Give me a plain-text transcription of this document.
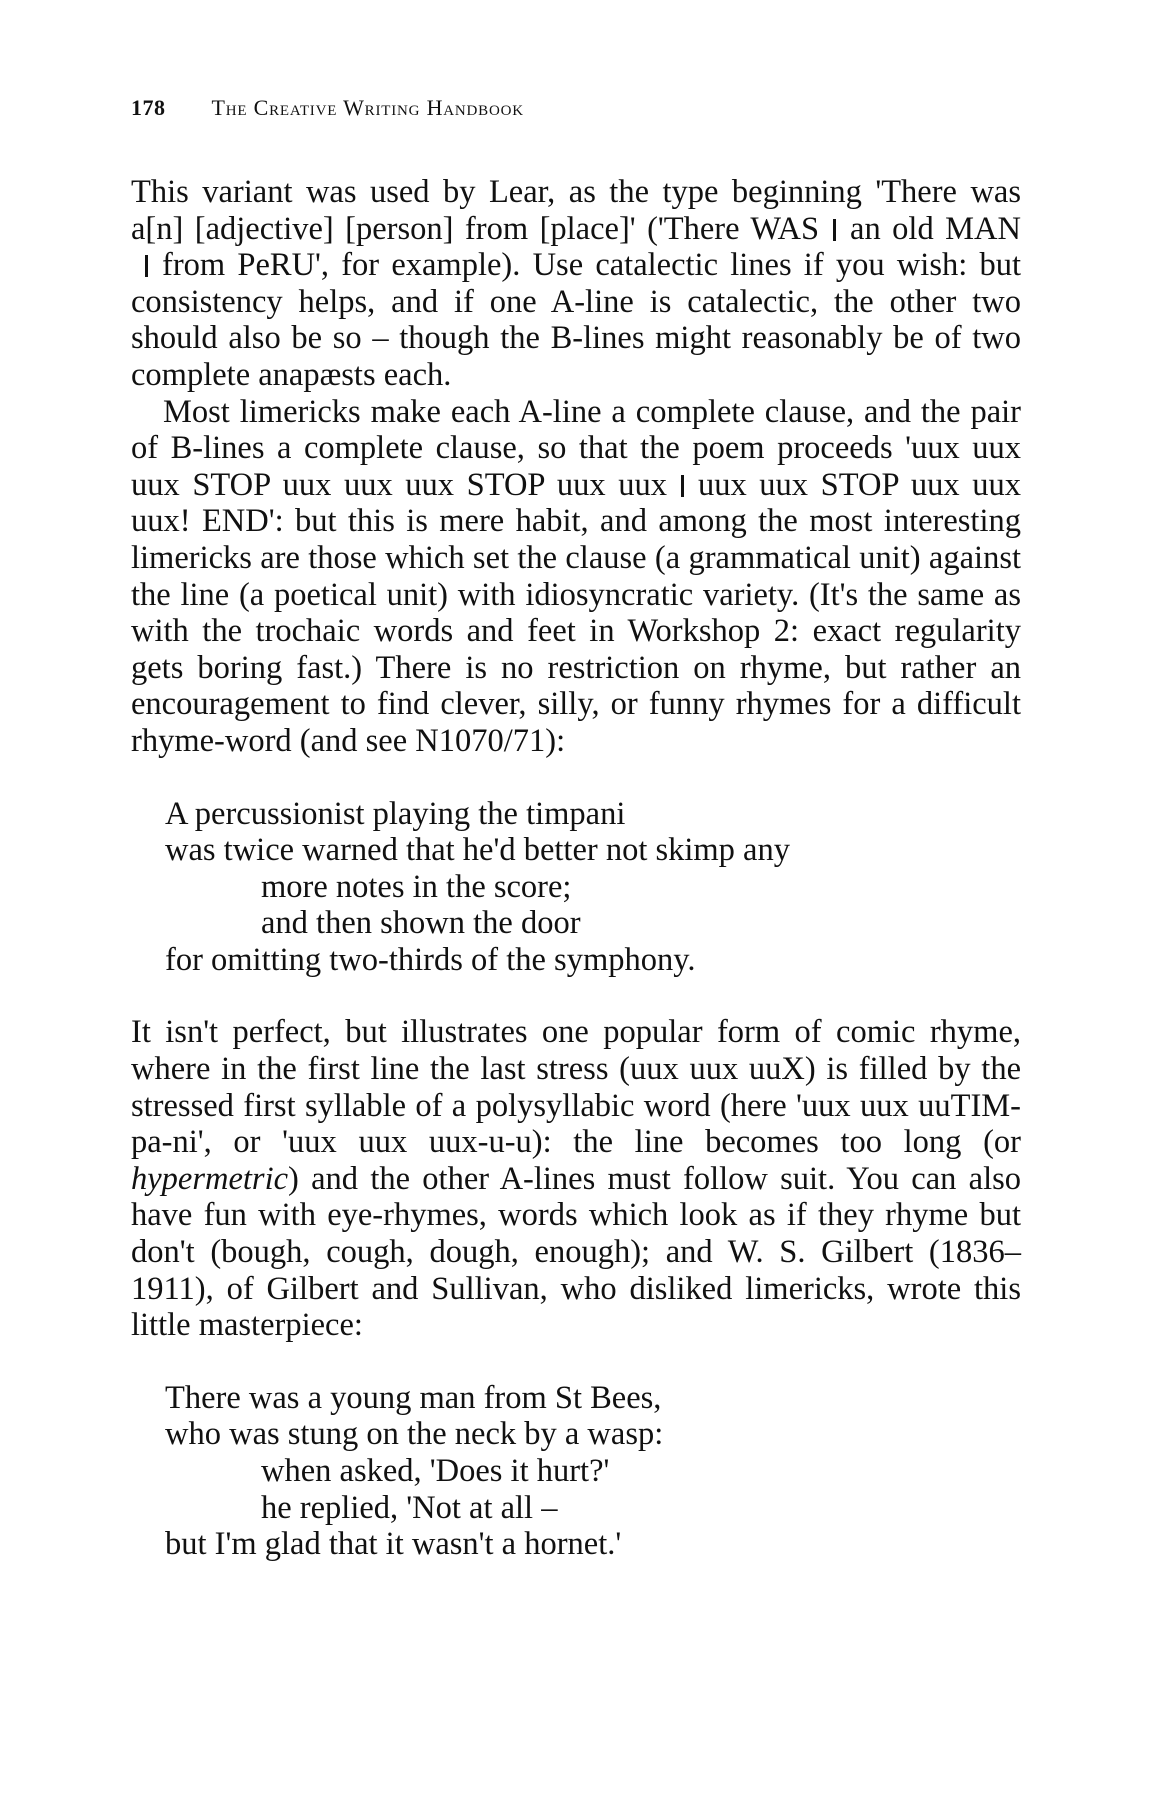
178 The Creative Writing Handbook

This variant was used by Lear, as the type beginning 'There was a[n] [adjective] [person] from [place]' ('There WAS an old MANfrom PeRU', for example). Use catalectic lines if you wish: but consistency helps, and if one A-line is catalectic, the other two should also be so – though the B-lines might reasonably be of two complete anapæsts each.

Most limericks make each A-line a complete clause, and the pair of B-lines a complete clause, so that the poem proceeds 'uux uux uux STOP uux uux uux STOP uux uux uux uux STOP uux uux uux! END': but this is mere habit, and among the most interesting limericks are those which set the clause (a grammatical unit) against the line (a poetical unit) with idiosyncratic variety. (It's the same as with the trochaic words and feet in Workshop 2: exact regularity gets boring fast.) There is no restriction on rhyme, but rather an encouragement to find clever, silly, or funny rhymes for a difficult rhyme-word (and see N1070/71):

A percussionist playing the timpani
was twice warned that he'd better not skimp any
more notes in the score;
and then shown the door
for omitting two-thirds of the symphony.

It isn't perfect, but illustrates one popular form of comic rhyme, where in the first line the last stress (uux uux uuX) is filled by the stressed first syllable of a polysyllabic word (here 'uux uux uuTIM-pa-ni', or 'uux uux uux-u-u): the line becomes too long (or hypermetric) and the other A-lines must follow suit. You can also have fun with eye-rhymes, words which look as if they rhyme but don't (bough, cough, dough, enough); and W. S. Gilbert (1836–1911), of Gilbert and Sullivan, who disliked limericks, wrote this little masterpiece:

There was a young man from St Bees,
who was stung on the neck by a wasp:
when asked, 'Does it hurt?'
he replied, 'Not at all –
but I'm glad that it wasn't a hornet.'
